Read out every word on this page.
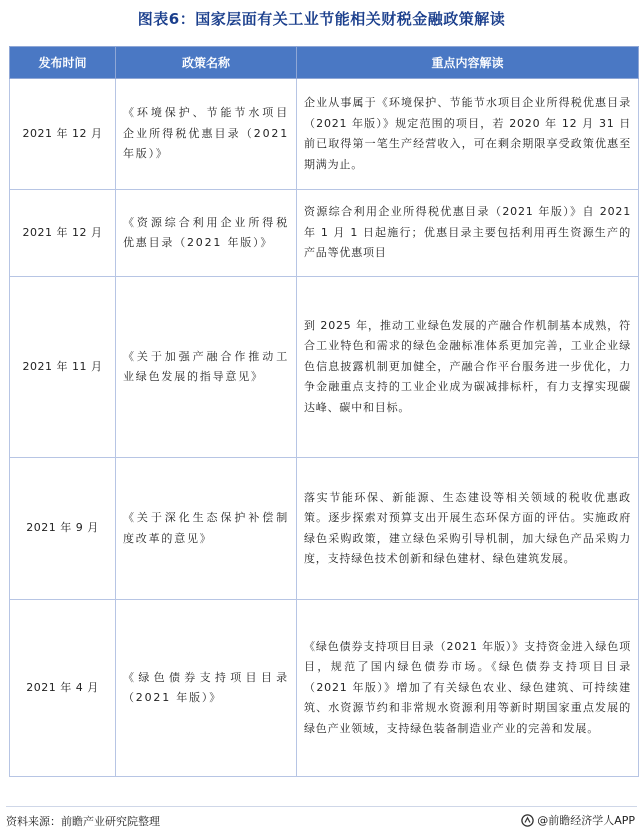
图表6：国家层面有关工业节能相关财税金融政策解读
发布时间	政策名称	重点内容解读
2021 年 12 月	《环境保护、节能节水项目企业所得税优惠目录（2021 年版）》	企业从事属于《环境保护、节能节水项目企业所得税优惠目录（2021 年版）》规定范围的项目，若 2020 年 12 月 31 日前已取得第一笔生产经营收入，可在剩余期限享受政策优惠至期满为止。
2021 年 12 月	《资源综合利用企业所得税优惠目录（2021 年版）》	资源综合利用企业所得税优惠目录（2021 年版）》自 2021 年 1 月 1 日起施行；优惠目录主要包括利用再生资源生产的产品等优惠项目
2021 年 11 月	《关于加强产融合作推动工业绿色发展的指导意见》	到 2025 年，推动工业绿色发展的产融合作机制基本成熟，符合工业特色和需求的绿色金融标准体系更加完善，工业企业绿色信息披露机制更加健全，产融合作平台服务进一步优化，力争金融重点支持的工业企业成为碳减排标杆，有力支撑实现碳达峰、碳中和目标。
2021 年 9 月	《关于深化生态保护补偿制度改革的意见》	落实节能环保、新能源、生态建设等相关领域的税收优惠政策。逐步探索对预算支出开展生态环保方面的评估。实施政府绿色采购政策，建立绿色采购引导机制，加大绿色产品采购力度，支持绿色技术创新和绿色建材、绿色建筑发展。
2021 年 4 月	《绿色债券支持项目目录（2021 年版）》	《绿色债券支持项目目录（2021 年版）》支持资金进入绿色项目，规范了国内绿色债券市场。《绿色债券支持项目目录（2021 年版）》增加了有关绿色农业、绿色建筑、可持续建筑、水资源节约和非常规水资源利用等新时期国家重点发展的绿色产业领域，支持绿色装备制造业产业的完善和发展。
资料来源：前瞻产业研究院整理	@前瞻经济学人APP
